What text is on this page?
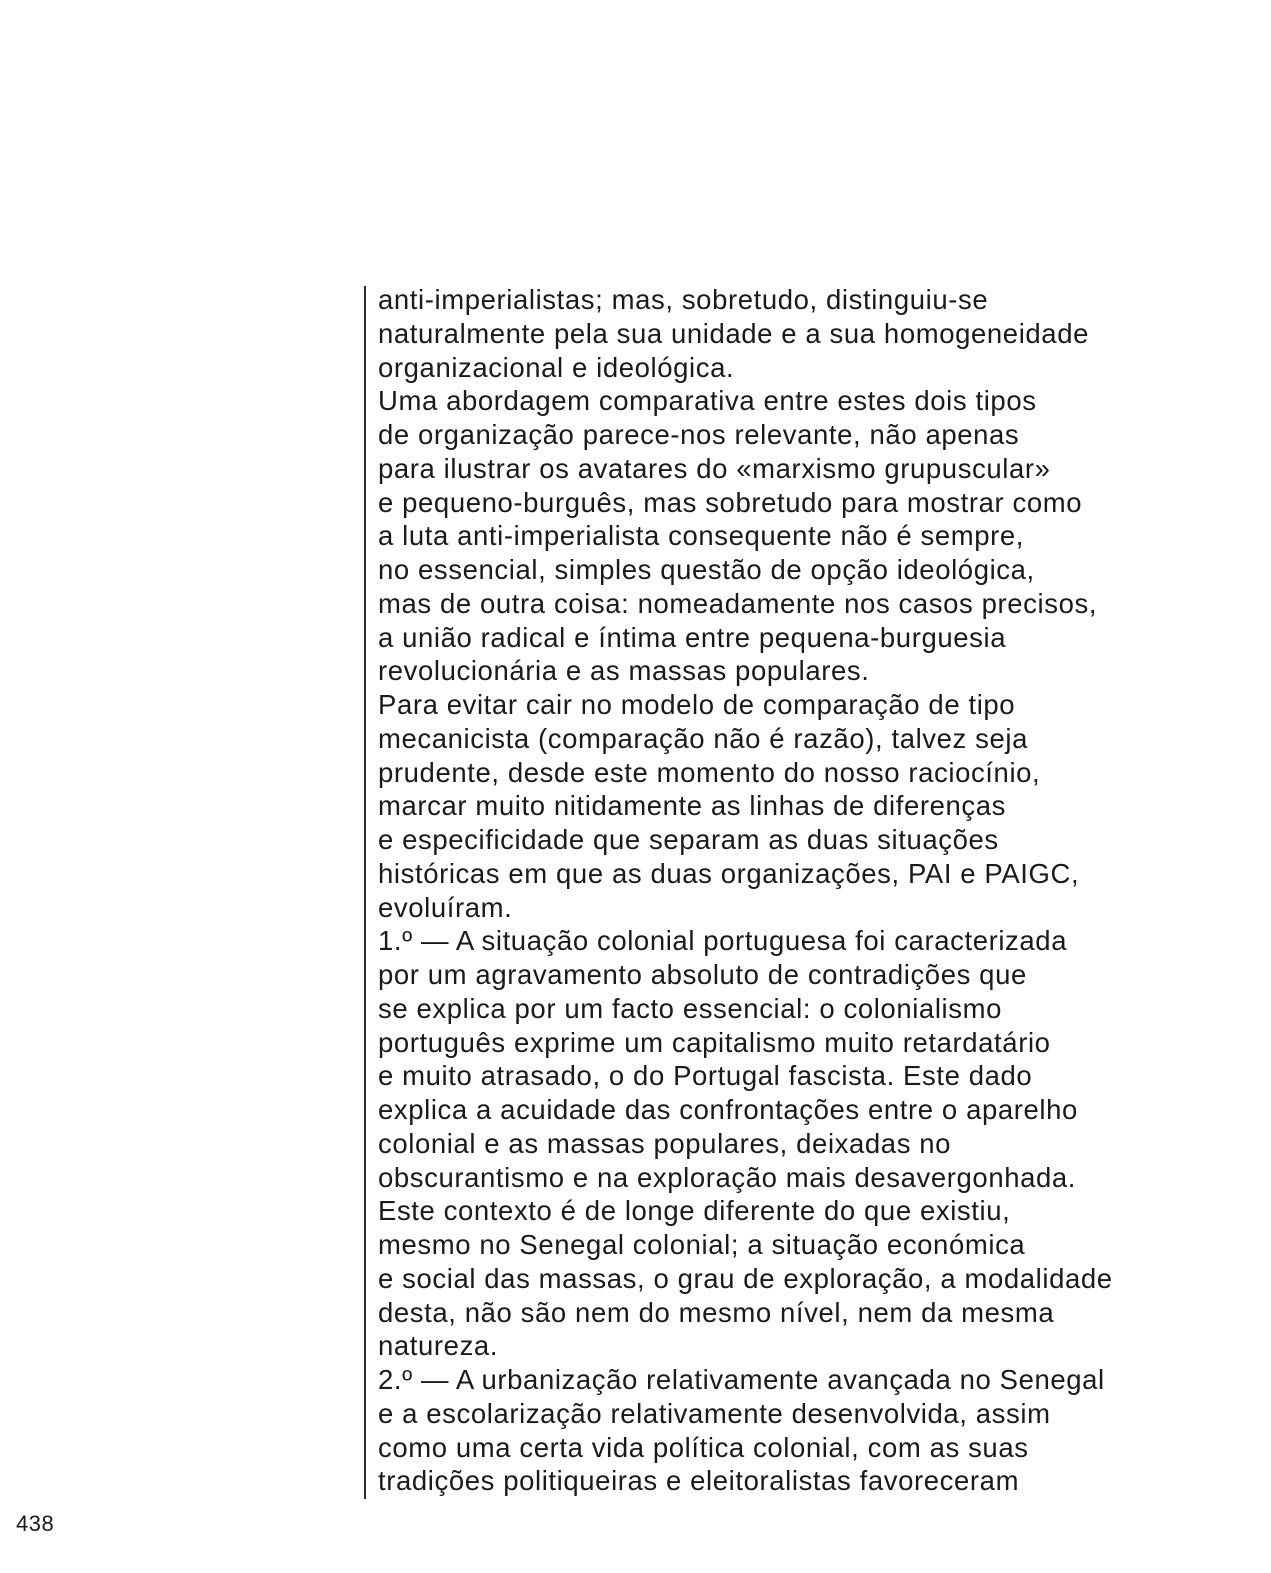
anti-imperialistas; mas, sobretudo, distinguiu-se
naturalmente pela sua unidade e a sua homogeneidade
organizacional e ideológica.
Uma abordagem comparativa entre estes dois tipos
de organização parece-nos relevante, não apenas
para ilustrar os avatares do «marxismo grupuscular»
e pequeno-burguês, mas sobretudo para mostrar como
a luta anti-imperialista consequente não é sempre,
no essencial, simples questão de opção ideológica,
mas de outra coisa: nomeadamente nos casos precisos,
a união radical e íntima entre pequena-burguesia
revolucionária e as massas populares.
Para evitar cair no modelo de comparação de tipo
mecanicista (comparação não é razão), talvez seja
prudente, desde este momento do nosso raciocínio,
marcar muito nitidamente as linhas de diferenças
e especificidade que separam as duas situações
históricas em que as duas organizações, PAI e PAIGC,
evoluíram.
1.º — A situação colonial portuguesa foi caracterizada
por um agravamento absoluto de contradições que
se explica por um facto essencial: o colonialismo
português exprime um capitalismo muito retardatário
e muito atrasado, o do Portugal fascista. Este dado
explica a acuidade das confrontações entre o aparelho
colonial e as massas populares, deixadas no
obscurantismo e na exploração mais desavergonhada.
Este contexto é de longe diferente do que existiu,
mesmo no Senegal colonial; a situação económica
e social das massas, o grau de exploração, a modalidade
desta, não são nem do mesmo nível, nem da mesma
natureza.
2.º — A urbanização relativamente avançada no Senegal
e a escolarização relativamente desenvolvida, assim
como uma certa vida política colonial, com as suas
tradições politiqueiras e eleitoralistas favoreceram
438
